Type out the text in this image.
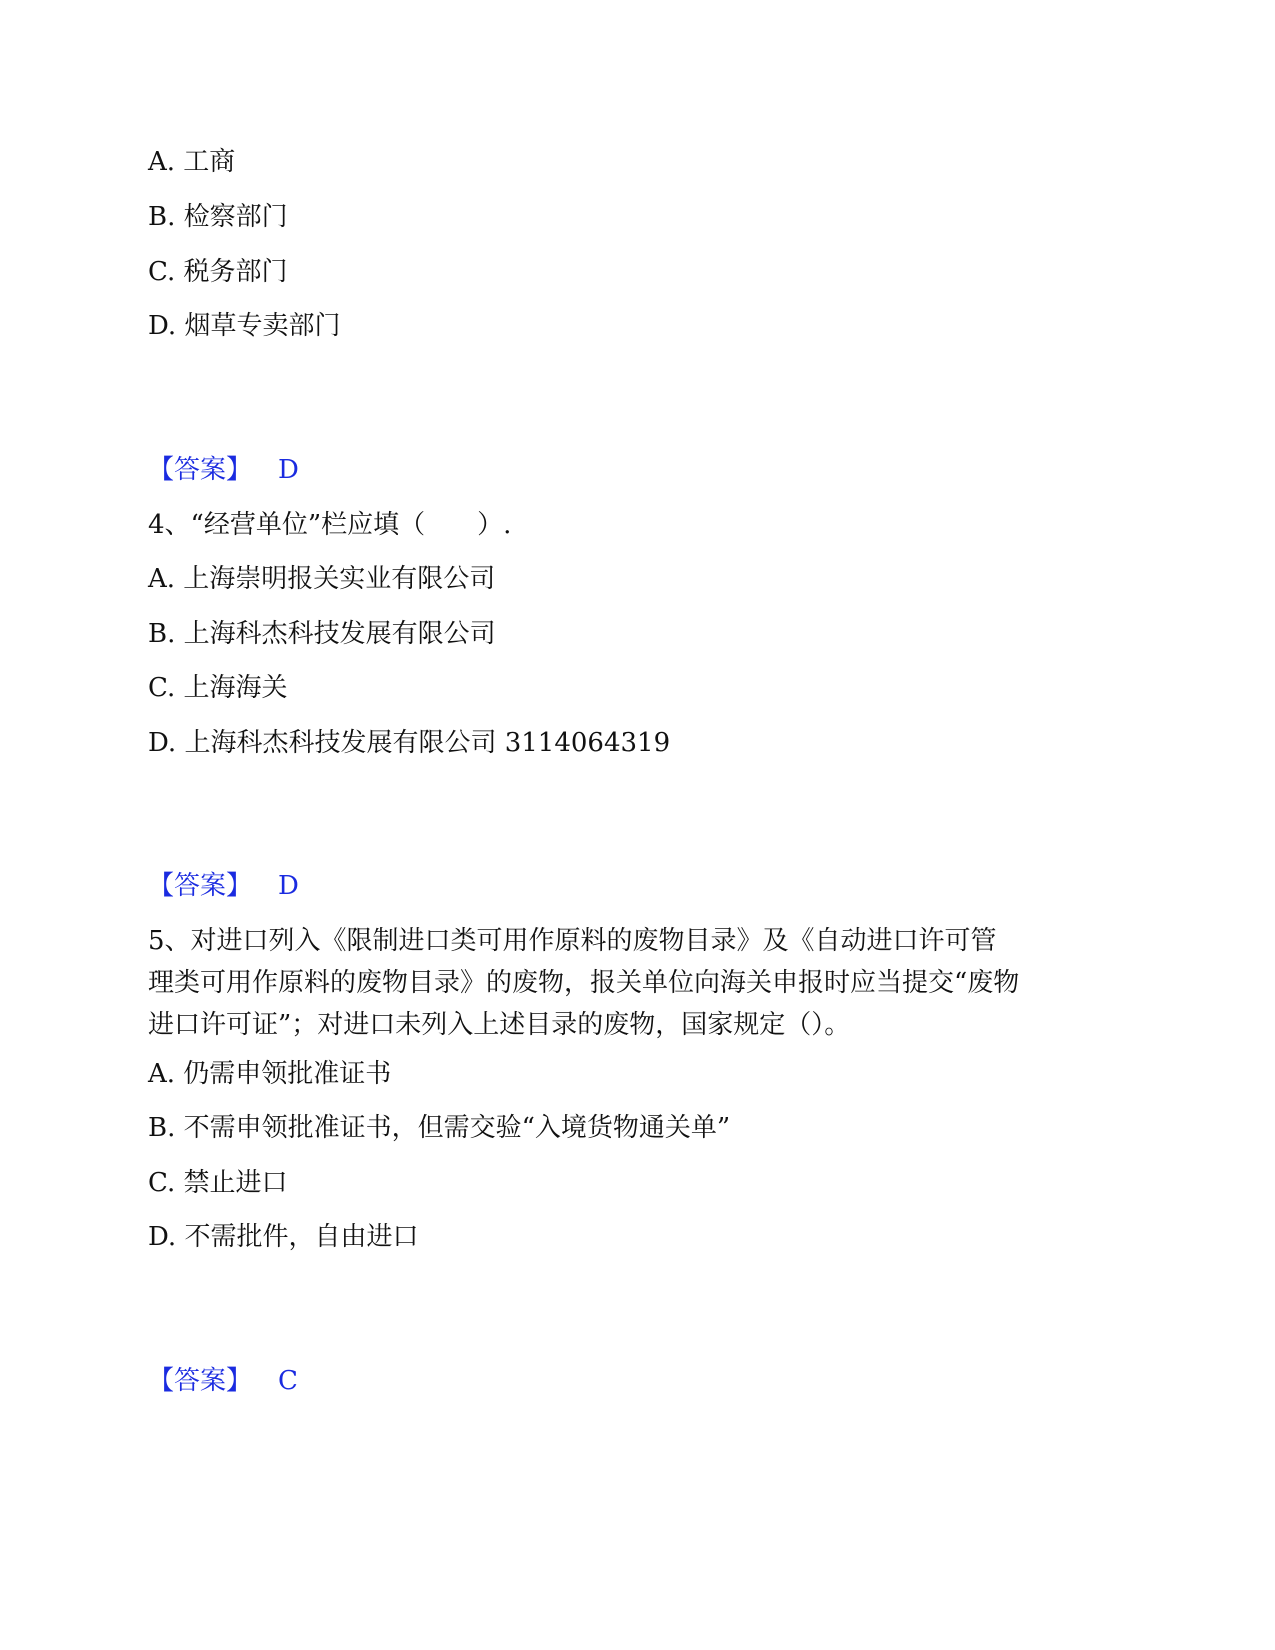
A. 工商
B. 检察部门
C. 税务部门
D. 烟草专卖部门
【答案】 D
4、“经营单位”栏应填（　　）.
A. 上海崇明报关实业有限公司
B. 上海科杰科技发展有限公司
C. 上海海关
D. 上海科杰科技发展有限公司 3114064319
【答案】 D
5、对进口列入《限制进口类可用作原料的废物目录》及《自动进口许可管
理类可用作原料的废物目录》的废物，报关单位向海关申报时应当提交“废物
进口许可证”；对进口未列入上述目录的废物，国家规定（）。
A. 仍需申领批准证书
B. 不需申领批准证书，但需交验“入境货物通关单”
C. 禁止进口
D. 不需批件，自由进口
【答案】 C
